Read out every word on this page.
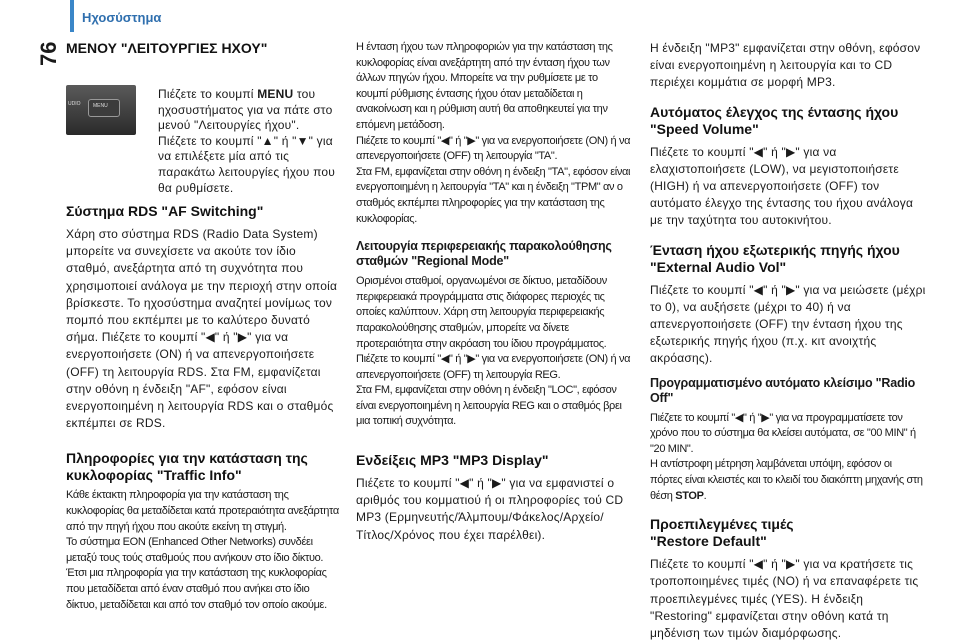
Ηχοσύστημα
76 ΜΕΝΟΥ "ΛΕΙΤΟΥΡΓΙΕΣ ΗΧΟΥ"
UDIO	MENU

Πιέζετε το κουμπί MENU του ηχοσυστήματος για να πάτε στο μενού "Λειτουργίες ήχου".

Πιέζετε το κουμπί "▲" ή "▼" για να επιλέξετε μία από τις παρακάτω λειτουργίες ήχου που θα ρυθμίσετε.

Σύστημα RDS "AF Switching"

Χάρη στο σύστημα RDS (Radio Data System) μπορείτε να συνεχίσετε να ακούτε τον ίδιο σταθμό, ανεξάρτητα από τη συχνότητα που χρησιμοποιεί ανάλογα με την περιοχή στην οποία βρίσκεστε. Το ηχοσύστημα αναζητεί μονίμως τον πομπό που εκπέμπει με το καλύτερο δυνατό σήμα. Πιέζετε το κουμπί "◀" ή "▶" για να ενεργοποιήσετε (ON) ή να απενεργοποιήσετε (OFF) τη λειτουργία RDS. Στα FM, εμφανίζεται στην οθόνη η ένδειξη "AF", εφόσον είναι ενεργοποιημένη η λειτουργία RDS και ο σταθμός εκπέμπει σε RDS.

Πληροφορίες για την κατάσταση της
κυκλοφορίας "Traffic Info"

Κάθε έκτακτη πληροφορία για την κατάσταση της κυκλοφορίας θα μεταδίδεται κατά προτεραιότητα ανεξάρτητα από την πηγή ήχου που ακούτε εκείνη τη στιγμή.

Το σύστημα EON (Enhanced Other Networks) συνδέει μεταξύ τους τούς σταθμούς που ανήκουν στο ίδιο δίκτυο. Έτσι μια πληροφορία για την κατάσταση της κυκλοφορίας που μεταδίδεται από έναν σταθμό που ανήκει στο ίδιο δίκτυο, μεταδίδεται και από τον σταθμό τον οποίο ακούμε.

Η ένταση ήχου των πληροφοριών για την κατάσταση της κυκλοφορίας είναι ανεξάρτητη από την ένταση ήχου των άλλων πηγών ήχου. Μπορείτε να την ρυθμίσετε με το κουμπί ρύθμισης έντασης ήχου όταν μεταδίδεται η ανακοίνωση και η ρύθμιση αυτή θα αποθηκευτεί για την επόμενη μετάδοση.

Πιέζετε το κουμπί "◀" ή "▶" για να ενεργοποιήσετε (ON) ή να απενεργοποιήσετε (OFF) τη λειτουργία "TA".

Στα FM, εμφανίζεται στην οθόνη η ένδειξη "TA", εφόσον είναι ενεργοποιημένη η λειτουργία "TA" και η ένδειξη "TPM" αν ο σταθμός εκπέμπει πληροφορίες για την κατάσταση της κυκλοφορίας.

Λειτουργία περιφερειακής παρακολούθησης
σταθμών "Regional Mode"

Ορισμένοι σταθμοί, οργανωμένοι σε δίκτυο, μεταδίδουν περιφερειακά προγράμματα στις διάφορες περιοχές τις οποίες καλύπτουν. Χάρη στη λειτουργία περιφερειακής παρακολούθησης σταθμών, μπορείτε να δίνετε προτεραιότητα στην ακρόαση του ίδιου προγράμματος.

Πιέζετε το κουμπί "◀" ή "▶" για να ενεργοποιήσετε (ON) ή να απενεργοποιήσετε (OFF) τη λειτουργία REG.

Στα FM, εμφανίζεται στην οθόνη η ένδειξη "LOC", εφόσον είναι ενεργοποιημένη η λειτουργία REG και ο σταθμός βρει μια τοπική συχνότητα.

Ενδείξεις MP3 "MP3 Display"

Πιέζετε το κουμπί "◀" ή "▶" για να εμφανιστεί ο αριθμός του κομματιού ή οι πληροφορίες τού CD MP3 (Ερμηνευτής/Άλμπουμ/Φάκελος/Αρχείο/Τίτλος/Χρόνος που έχει παρέλθει).

Η ένδειξη "MP3" εμφανίζεται στην οθόνη, εφόσον είναι ενεργοποιημένη η λειτουργία και το CD περιέχει κομμάτια σε μορφή MP3.

Αυτόματος έλεγχος της έντασης ήχου
"Speed Volume"

Πιέζετε το κουμπί "◀" ή "▶" για να ελαχιστοποιήσετε (LOW), να μεγιστοποιήσετε (HIGH) ή να απενεργοποιήσετε (OFF) τον αυτόματο έλεγχο της έντασης του ήχου ανάλογα με την ταχύτητα του αυτοκινήτου.

Ένταση ήχου εξωτερικής πηγής ήχου
"External Audio Vol"

Πιέζετε το κουμπί "◀" ή "▶" για να μειώσετε (μέχρι το 0), να αυξήσετε (μέχρι το 40) ή να απενεργοποιήσετε (OFF) την ένταση ήχου της εξωτερικής πηγής ήχου (π.χ. κιτ ανοιχτής ακρόασης).

Προγραμματισμένο αυτόματο κλείσιμο "Radio Off"

Πιέζετε το κουμπί "◀" ή "▶" για να προγραμματίσετε τον χρόνο που το σύστημα θα κλείσει αυτόματα, σε "00 MIN" ή "20 MIN".

Η αντίστροφη μέτρηση λαμβάνεται υπόψη, εφόσον οι πόρτες είναι κλειστές και το κλειδί του διακόπτη μηχανής στη θέση STOP.

Προεπιλεγμένες τιμές
"Restore Default"

Πιέζετε το κουμπί "◀" ή "▶" για να κρατήσετε τις τροποποιημένες τιμές (NO) ή να επαναφέρετε τις προεπιλεγμένες τιμές (YES). Η ένδειξη "Restoring" εμφανίζεται στην οθόνη κατά τη μηδένιση των τιμών διαμόρφωσης.
